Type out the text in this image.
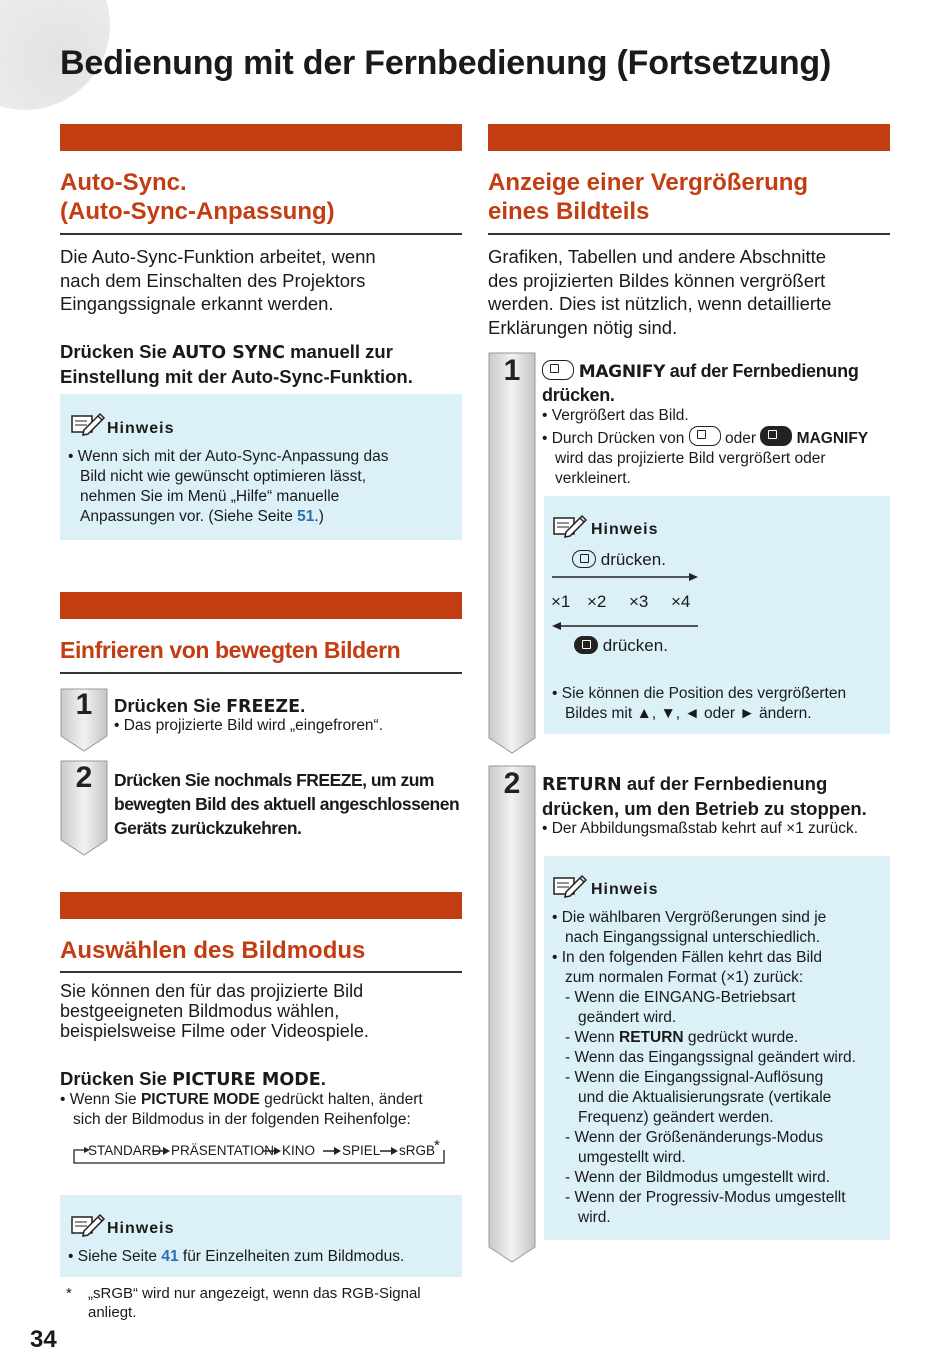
Bedienung mit der Fernbedienung (Fortsetzung)
Auto-Sync.
(Auto-Sync-Anpassung)
Die Auto-Sync-Funktion arbeitet, wenn
nach dem Einschalten des Projektors
Eingangssignale erkannt werden.
Drücken Sie AUTO SYNC manuell zur
Einstellung mit der Auto-Sync-Funktion.
Hinweis
• Wenn sich mit der Auto-Sync-Anpassung das
Bild nicht wie gewünscht optimieren lässt,
nehmen Sie im Menü „Hilfe“ manuelle
Anpassungen vor. (Siehe Seite 51.)
Einfrieren von bewegten Bildern
1	Drücken Sie FREEZE.
• Das projizierte Bild wird „eingefroren“.
2	Drücken Sie nochmals FREEZE, um zum
bewegten Bild des aktuell angeschlossenen
Geräts zurückzukehren.
Auswählen des Bildmodus
Sie können den für das projizierte Bild
bestgeeigneten Bildmodus wählen,
beispielsweise Filme oder Videospiele.
Drücken Sie PICTURE MODE.
• Wenn Sie PICTURE MODE gedrückt halten, ändert
sich der Bildmodus in der folgenden Reihenfolge:
STANDARD PRÄSENTATION KINO SPIEL sRGB
*
Hinweis
• Siehe Seite 41 für Einzelheiten zum Bildmodus.
* „sRGB“ wird nur angezeigt, wenn das RGB-Signal
anliegt.
34
Anzeige einer Vergrößerung
eines Bildteils
Grafiken, Tabellen und andere Abschnitte
des projizierten Bildes können vergrößert
werden. Dies ist nützlich, wenn detaillierte
Erklärungen nötig sind.
1	MAGNIFY auf der Fernbedienung
drücken.
• Vergrößert das Bild.
• Durch Drücken von  oder  MAGNIFY
wird das projizierte Bild vergrößert oder
verkleinert.
Hinweis
drücken.
×1 ×2 ×3 ×4
drücken.
• Sie können die Position des vergrößerten
Bildes mit ▲, ▼, ◄ oder ► ändern.
2	RETURN auf der Fernbedienung
drücken, um den Betrieb zu stoppen.
• Der Abbildungsmaßstab kehrt auf ×1 zurück.
Hinweis
• Die wählbaren Vergrößerungen sind je
nach Eingangssignal unterschiedlich.
• In den folgenden Fällen kehrt das Bild
zum normalen Format (×1) zurück:
- Wenn die EINGANG-Betriebsart
geändert wird.
- Wenn RETURN gedrückt wurde.
- Wenn das Eingangssignal geändert wird.
- Wenn die Eingangssignal-Auflösung
und die Aktualisierungsrate (vertikale
Frequenz) geändert werden.
- Wenn der Größenänderungs-Modus
umgestellt wird.
- Wenn der Bildmodus umgestellt wird.
- Wenn der Progressiv-Modus umgestellt
wird.
